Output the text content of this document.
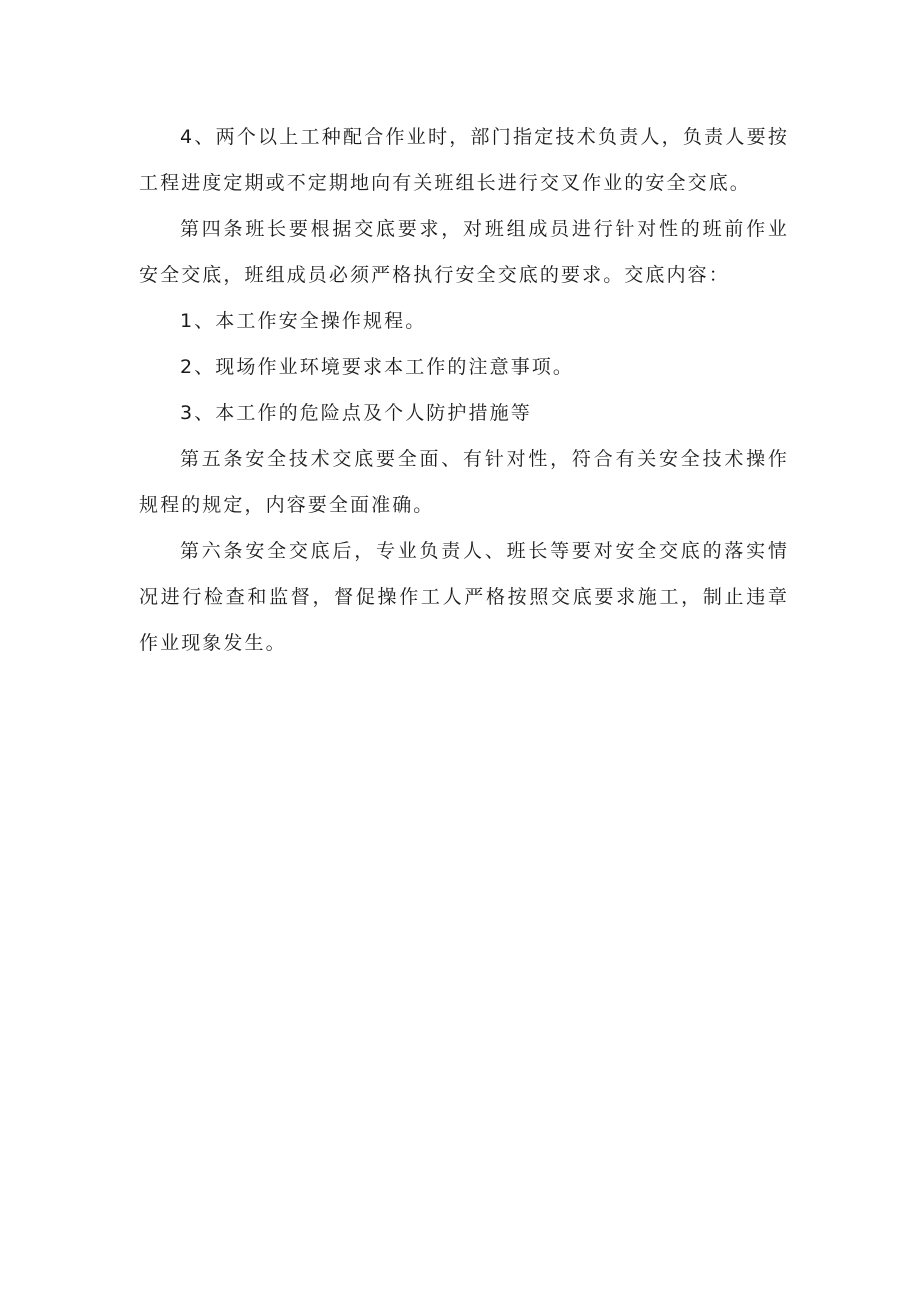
4、两个以上工种配合作业时，部门指定技术负责人，负责人要按工程进度定期或不定期地向有关班组长进行交叉作业的安全交底。

第四条班长要根据交底要求，对班组成员进行针对性的班前作业安全交底，班组成员必须严格执行安全交底的要求。交底内容：

1、本工作安全操作规程。

2、现场作业环境要求本工作的注意事项。

3、本工作的危险点及个人防护措施等

第五条安全技术交底要全面、有针对性，符合有关安全技术操作规程的规定，内容要全面准确。

第六条安全交底后，专业负责人、班长等要对安全交底的落实情况进行检查和监督，督促操作工人严格按照交底要求施工，制止违章作业现象发生。
